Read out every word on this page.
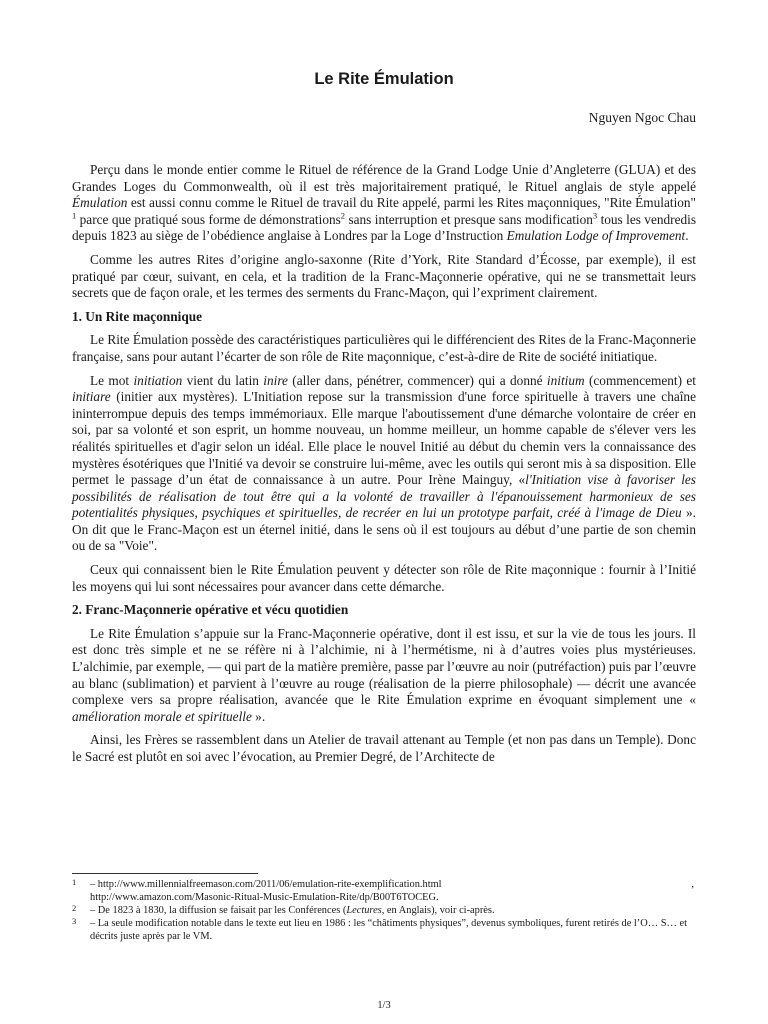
Le Rite Émulation
Nguyen Ngoc Chau

Perçu dans le monde entier comme le Rituel de référence de la Grand Lodge Unie d’Angleterre (GLUA) et des Grandes Loges du Commonwealth, où il est très majoritairement pratiqué, le Rituel anglais de style appelé Émulation est aussi connu comme le Rituel de travail du Rite appelé, parmi les Rites maçonniques, "Rite Émulation" $^1$ parce que pratiqué sous forme de démonstrations$^2$ sans interruption et presque sans modification$^3$ tous les vendredis depuis 1823 au siège de l’obédience anglaise à Londres par la Loge d’Instruction Emulation Lodge of Improvement.

Comme les autres Rites d’origine anglo-saxonne (Rite d’York, Rite Standard d’Écosse, par exemple), il est pratiqué par cœur, suivant, en cela, et la tradition de la Franc-Maçonnerie opérative, qui ne se transmettait leurs secrets que de façon orale, et les termes des serments du Franc-Maçon, qui l’expriment clairement.

1. Un Rite maçonnique

Le Rite Émulation possède des caractéristiques particulières qui le différencient des Rites de la Franc-Maçonnerie française, sans pour autant l’écarter de son rôle de Rite maçonnique, c’est-à-dire de Rite de société initiatique.

Le mot initiation vient du latin inire (aller dans, pénétrer, commencer) qui a donné initium (commencement) et initiare (initier aux mystères). L'Initiation repose sur la transmission d'une force spirituelle à travers une chaîne ininterrompue depuis des temps immémoriaux. Elle marque l'aboutissement d'une démarche volontaire de créer en soi, par sa volonté et son esprit, un homme nouveau, un homme meilleur, un homme capable de s'élever vers les réalités spirituelles et d'agir selon un idéal. Elle place le nouvel Initié au début du chemin vers la connaissance des mystères ésotériques que l'Initié va devoir se construire lui-même, avec les outils qui seront mis à sa disposition. Elle permet le passage d’un état de connaissance à un autre. Pour Irène Mainguy, «l'Initiation vise à favoriser les possibilités de réalisation de tout être qui a la volonté de travailler à l'épanouissement harmonieux de ses potentialités physiques, psychiques et spirituelles, de recréer en lui un prototype parfait, créé à l'image de Dieu ». On dit que le Franc-Maçon est un éternel initié, dans le sens où il est toujours au début d’une partie de son chemin ou de sa "Voie".

Ceux qui connaissent bien le Rite Émulation peuvent y détecter son rôle de Rite maçonnique : fournir à l’Initié les moyens qui lui sont nécessaires pour avancer dans cette démarche.

2. Franc-Maçonnerie opérative et vécu quotidien

Le Rite Émulation s’appuie sur la Franc-Maçonnerie opérative, dont il est issu, et sur la vie de tous les jours. Il est donc très simple et ne se réfère ni à l’alchimie, ni à l’hermétisme, ni à d’autres voies plus mystérieuses. L’alchimie, par exemple, — qui part de la matière première, passe par l’œuvre au noir (putréfaction) puis par l’œuvre au blanc (sublimation) et parvient à l’œuvre au rouge (réalisation de la pierre philosophale) — décrit une avancée complexe vers sa propre réalisation, avancée que le Rite Émulation exprime en évoquant simplement une « amélioration morale et spirituelle ».

Ainsi, les Frères se rassemblent dans un Atelier de travail attenant au Temple (et non pas dans un Temple). Donc le Sacré est plutôt en soi avec l’évocation, au Premier Degré, de l’Architecte de

1 – http://www.millennialfreemason.com/2011/06/emulation-rite-exemplification.html	,
http://www.amazon.com/Masonic-Ritual-Music-Emulation-Rite/dp/B00T6TOCEG.
2 – De 1823 à 1830, la diffusion se faisait par les Conférences (Lectures, en Anglais), voir ci-après.
3 – La seule modification notable dans le texte eut lieu en 1986 : les “châtiments physiques”, devenus symboliques, furent retirés de l’O… S… et décrits juste après par le VM.
1/3
